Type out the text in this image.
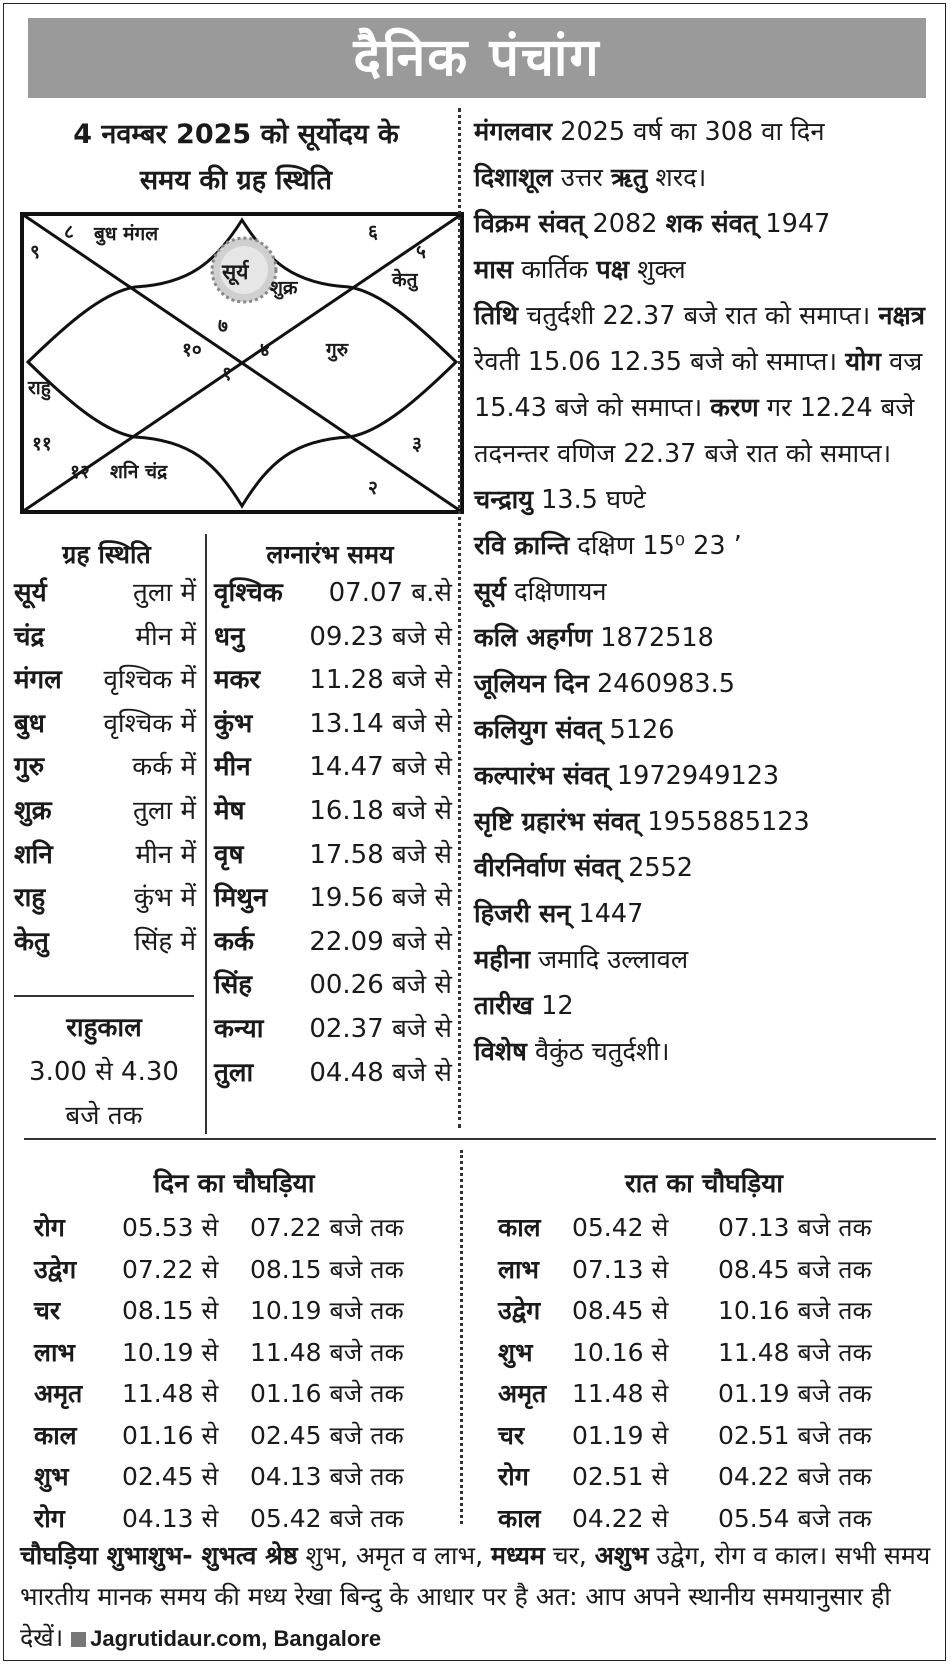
दैनिक पंचांग
4 नवम्बर 2025 को सूर्योदय के
समय की ग्रह स्थिति
८ बुध मंगल
९
६
५
केतु
सूर्य
शुक्र
७
१०	४	गुरु
१
राहु
११	३
१२ शनि चंद्र
२
मंगलवार 2025 वर्ष का 308 वा दिन
दिशाशूल उत्तर ऋतु शरद।
विक्रम संवत् 2082 शक संवत् 1947
मास कार्तिक पक्ष शुक्ल
तिथि चतुर्दशी 22.37 बजे रात को समाप्त। नक्षत्र रेवती 15.06 12.35 बजे को समाप्त। योग वज्र 15.43 बजे को समाप्त। करण गर 12.24 बजे तदनन्तर वणिज 22.37 बजे रात को समाप्त।
चन्द्रायु 13.5 घण्टे
रवि क्रान्ति दक्षिण 15⁰ 23 ’
सूर्य दक्षिणायन
कलि अहर्गण 1872518
जूलियन दिन 2460983.5
कलियुग संवत् 5126
कल्पारंभ संवत् 1972949123
सृष्टि ग्रहारंभ संवत् 1955885123
वीरनिर्वाण संवत् 2552
हिजरी सन् 1447
महीना जमादि उल्लावल
तारीख 12
विशेष वैकुंठ चतुर्दशी।
ग्रह स्थिति
सूर्य	तुला में
चंद्र	मीन में
मंगल वृश्चिक में
बुध वृश्चिक में
गुरु	कर्क में
शुक्र	तुला में
शनि	मीन में
राहु	कुंभ में
केतु	सिंह में
राहुकाल
3.00 से 4.30
बजे तक
लग्नारंभ समय
वृश्चिक 07.07 ब.से
धनु 09.23 बजे से
मकर 11.28 बजे से
कुंभ 13.14 बजे से
मीन 14.47 बजे से
मेष 16.18 बजे से
वृष	17.58 बजे से
मिथुन 19.56 बजे से
कर्क 22.09 बजे से
सिंह 00.26 बजे से
कन्या 02.37 बजे से
तुला 04.48 बजे से
दिन का चौघड़िया	रात का चौघड़िया
रोग 05.53 से 07.22 बजे तक
उद्वेग 07.22 से 08.15 बजे तक
चर 08.15 से 10.19 बजे तक
लाभ 10.19 से 11.48 बजे तक
अमृत 11.48 से 01.16 बजे तक
काल 01.16 से 02.45 बजे तक
शुभ 02.45 से 04.13 बजे तक
रोग 04.13 से 05.42 बजे तक
काल 05.42 से 07.13 बजे तक
लाभ 07.13 से 08.45 बजे तक
उद्वेग 08.45 से 10.16 बजे तक
शुभ 10.16 से 11.48 बजे तक
अमृत 11.48 से 01.19 बजे तक
चर 01.19 से 02.51 बजे तक
रोग 02.51 से 04.22 बजे तक
काल 04.22 से 05.54 बजे तक
चौघड़िया शुभाशुभ- शुभत्व श्रेष्ठ शुभ, अमृत व लाभ, मध्यम चर, अशुभ उद्वेग, रोग व काल। सभी समय भारतीय मानक समय की मध्य रेखा बिन्दु के आधार पर है अत: आप अपने स्थानीय समयानुसार ही देखें। Jagrutidaur.com, Bangalore
